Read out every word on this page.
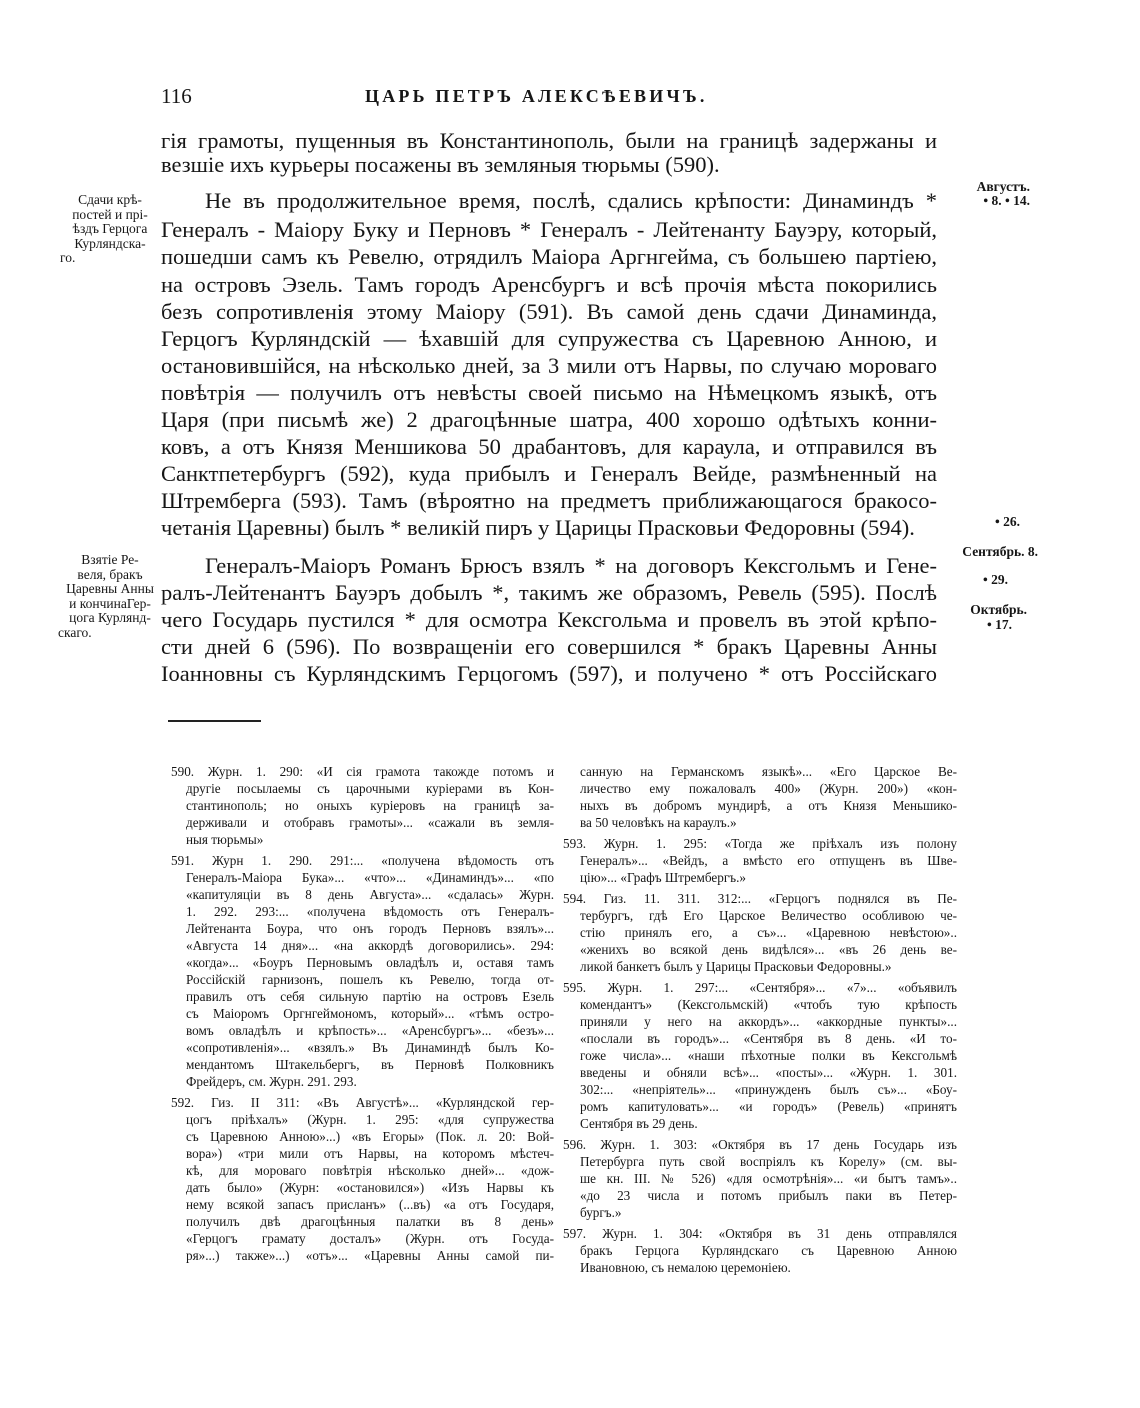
116	ЦАРЬ ПЕТРЪ АЛЕКСѢЕВИЧЪ.
гія грамоты, пущенныя въ Константинополь, были на границѣ задержаны и
везшіе ихъ курьеры посажены въ земляныя тюрьмы (590).
Не въ продолжительное время, послѣ, сдались крѣпости: Динаминдъ *
Генералъ - Маіору Буку и Перновъ * Генералъ - Лейтенанту Бауэру, который,
пошедши самъ къ Ревелю, отрядилъ Маіора Аргнгейма, съ большею партіею,
на островъ Эзель. Тамъ городъ Аренсбургъ и всѣ прочія мѣста покорились
безъ сопротивленія этому Маіору (591). Въ самой день сдачи Динаминда,
Герцогъ Курляндскій — ѣхавшій для супружества съ Царевною Анною, и
остановившійся, на нѣсколько дней, за 3 мили отъ Нарвы, по случаю мороваго
повѣтрія — получилъ отъ невѣсты своей письмо на Нѣмецкомъ языкѣ, отъ
Царя (при письмѣ же) 2 драгоцѣнные шатра, 400 хорошо одѣтыхъ конни-
ковъ, а отъ Князя Меншикова 50 драбантовъ, для караула, и отправился въ
Санктпетербургъ (592), куда прибылъ и Генералъ Вейде, размѣненный на
Штремберга (593). Тамъ (вѣроятно на предметъ приближающагося бракосо-
четанія Царевны) былъ * великій пиръ у Царицы Прасковьи Федоровны (594).
Генералъ-Маіоръ Романъ Брюсъ взялъ * на договоръ Кексгольмъ и Гене-
ралъ-Лейтенантъ Бауэръ добылъ *, такимъ же образомъ, Ревель (595). Послѣ
чего Государь пустился * для осмотра Кексгольма и провелъ въ этой крѣпо-
сти дней 6 (596). По возвращеніи его совершился * бракъ Царевны Анны
Іоанновны съ Курляндскимъ Герцогомъ (597), и получено * отъ Россійскаго
Сдачи крѣ-
постей и прі-
ѣздъ Герцога
Курляндска-
го.
Взятіе Ре-
веля, бракъ
Царевны Анны
и кончинаГер-
цога Курлянд-
скаго.
Августъ.
• 8. • 14.
• 26.
Сентябрь. 8.
• 29.
Октябрь.
• 17.
590. Журн. 1. 290: «И сія грамота такожде потомъ и
другіе посылаемы съ царочными куріерами въ Кон-
стантинополь; но оныхъ куріеровъ на границѣ за-
держивали и отобравъ грамоты»... «сажали въ земля-
ныя тюрьмы»
591. Журн 1. 290. 291:... «получена вѣдомость отъ
Генералъ-Маіора Бука»... «что»... «Динаминдъ»... «по
«капитуляціи въ 8 день Августа»... «сдалась» Журн.
1. 292. 293:... «получена вѣдомость отъ Генералъ-
Лейтенанта Боура, что онъ городъ Перновъ взялъ»...
«Августа 14 дня»... «на аккордѣ договорились». 294:
«когда»... «Боуръ Перновымъ овладѣлъ и, оставя тамъ
Россійскій гарнизонъ, пошелъ къ Ревелю, тогда от-
правилъ отъ себя сильную партію на островъ Езель
съ Маіоромъ Оргнгеймономъ, который»... «тѣмъ остро-
вомъ овладѣлъ и крѣпость»... «Аренсбургъ»... «безъ»...
«сопротивленія»... «взялъ.» Въ Динаминдѣ былъ Ко-
мендантомъ Штакельбергъ, въ Перновѣ Полковникъ
Фрейдеръ, см. Журн. 291. 293.
592. Гиз. II 311: «Въ Августѣ»... «Курляндской гер-
цогъ пріѣхалъ» (Журн. 1. 295: «для супружества
съ Царевною Анною»...) «въ Егоры» (Пок. л. 20: Вой-
вора») «три мили отъ Нарвы, на которомъ мѣстеч-
кѣ, для мороваго повѣтрія нѣсколько дней»... «дож-
дать было» (Журн: «остановился») «Изъ Нарвы къ
нему всякой запасъ присланъ» (...въ) «а отъ Государя,
получилъ двѣ драгоцѣнныя палатки въ 8 день»
«Герцогъ грамату досталъ» (Журн. отъ Госуда-
ря»...) также»...) «отъ»... «Царевны Анны самой пи-
санную на Германскомъ языкѣ»... «Его Царское Ве-
личество ему пожаловалъ 400» (Журн. 200») «кон-
ныхъ въ добромъ мундирѣ, а отъ Князя Меньшико-
ва 50 человѣкъ на караулъ.»
593. Журн. 1. 295: «Тогда же пріѣхалъ изъ полону
Генералъ»... «Вейдъ, а вмѣсто его отпущенъ въ Шве-
цію»... «Графъ Штрембергъ.»
594. Гиз. 11. 311. 312:... «Герцогъ поднялся въ Пе-
тербургъ, гдѣ Его Царское Величество особливою че-
стію принялъ его, а съ»... «Царевною невѣстою»..
«женихъ во всякой день видѣлся»... «въ 26 день ве-
ликой банкетъ былъ у Царицы Прасковьи Федоровны.»
595. Журн. 1. 297:... «Сентября»... «7»... «объявилъ
комендантъ» (Кексгольмскій) «чтобъ тую крѣпость
приняли у него на аккордъ»... «аккордные пункты»...
«послали въ городъ»... «Сентября въ 8 день. «И то-
гоже числа»... «наши пѣхотные полки въ Кексгольмѣ
введены и обняли всѣ»... «посты»... «Журн. 1. 301.
302:... «непріятель»... «принужденъ былъ съ»... «Боу-
ромъ капитуловать»... «и городъ» (Ревель) «принятъ
Сентября въ 29 день.
596. Журн. 1. 303: «Октября въ 17 день Государь изъ
Петербурга путь свой воспріялъ къ Корелу» (см. вы-
ше кн. III. № 526) «для осмотрѣнія»... «и бытъ тамъ»..
«до 23 числа и потомъ прибылъ паки въ Петер-
бургъ.»
597. Журн. 1. 304: «Октября въ 31 день отправлялся
бракъ Герцога Курляндскаго съ Царевною Анною
Ивановною, съ немалою церемоніею.
